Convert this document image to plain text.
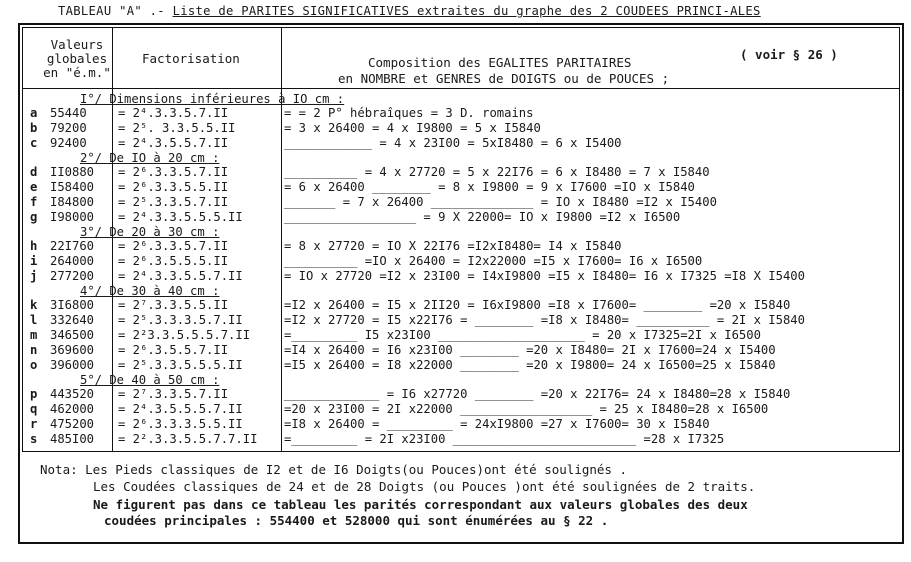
TABLEAU "A" .- Liste de PARITES SIGNIFICATIVES extraites du graphe des 2 COUDEES PRINCI-ALES
Valeurs
globales
en "é.m."
Factorisation	Composition des EGALITES PARITAIRES
en NOMBRE et GENRES de DOIGTS ou de POUCES ;
( voir § 26 )
I°/ Dimensions inférieures à IO cm :
2°/ De IO à 20 cm :
3°/ De 20 à 30 cm :
4°/ De 30 à 40 cm :
5°/ De 40 à 50 cm :
a 55440	= 2⁴.3.3.5.7.II	= = 2 P° hébraîques = 3 D. romains
b 79200	= 2⁵. 3.3.5.5.II	= 3 x 26400 = 4 x I9800 = 5 x I5840
c 92400	= 2⁴.3.5.5.7.II	____________ = 4 x 23I00 = 5xI8480 = 6 x I5400
d II0880 = 2⁶.3.3.5.7.II	__________ = 4 x 27720 = 5 x 22I76 = 6 x I8480 = 7 x I5840
e I58400 = 2⁶.3.3.5.5.II	= 6 x 26400 ________ = 8 x I9800 = 9 x I7600 =IO x I5840
f I84800 = 2⁵.3.3.5.7.II	_______ = 7 x 26400 ______________ = IO x I8480 =I2 x I5400
g I98000 = 2⁴.3.3.5.5.5.II	__________________ = 9 X 22000= IO x I9800 =I2 x I6500
h 22I760 = 2⁶.3.3.5.7.II	= 8 x 27720 = IO X 22I76 =I2xI8480= I4 x I5840
i 264000 = 2⁶.3.5.5.5.II	__________ =IO x 26400 = I2x22000 =I5 x I7600= I6 x I6500
j 277200 = 2⁴.3.3.5.5.7.II	= IO x 27720 =I2 x 23I00 = I4xI9800 =I5 x I8480= I6 x I7325 =I8 X I5400
k 3I6800 = 2⁷.3.3.5.5.II	=I2 x 26400 = I5 x 2II20 = I6xI9800 =I8 x I7600= ________ =20 x I5840
l 332640 = 2⁵.3.3.3.5.7.II	=I2 x 27720 = I5 x22I76 = ________ =I8 x I8480= __________ = 2I x I5840
m 346500 = 2²3.3.5.5.5.7.II	=_________ I5 x23I00 ____________________ = 20 x I7325=2I x I6500
n 369600 = 2⁶.3.5.5.7.II	=I4 x 26400 = I6 x23I00 ________ =20 x I8480= 2I x I7600=24 x I5400
o 396000 = 2⁵.3.3.5.5.5.II	=I5 x 26400 = I8 x22000 ________ =20 x I9800= 24 x I6500=25 x I5840
p 443520 = 2⁷.3.3.5.7.II	_____________ = I6 x27720 ________ =20 x 22I76= 24 x I8480=28 x I5840
q 462000 = 2⁴.3.5.5.5.7.II	=20 x 23I00 = 2I x22000 __________________ = 25 x I8480=28 x I6500
r 475200 = 2⁶.3.3.3.5.5.II	=I8 x 26400 = _________ = 24xI9800 =27 x I7600= 30 x I5840
s 485I00 = 2².3.3.5.5.7.7.II =_________ = 2I x23I00 _________________________ =28 x I7325
Nota: Les Pieds classiques de I2 et de I6 Doigts(ou Pouces)ont été soulignés .
Les Coudées classiques de 24 et de 28 Doigts (ou Pouces )ont été soulignées de 2 traits.
Ne figurent pas dans ce tableau les parités correspondant aux valeurs globales des deux
coudées principales : 554400 et 528000 qui sont énumérées au § 22 .
